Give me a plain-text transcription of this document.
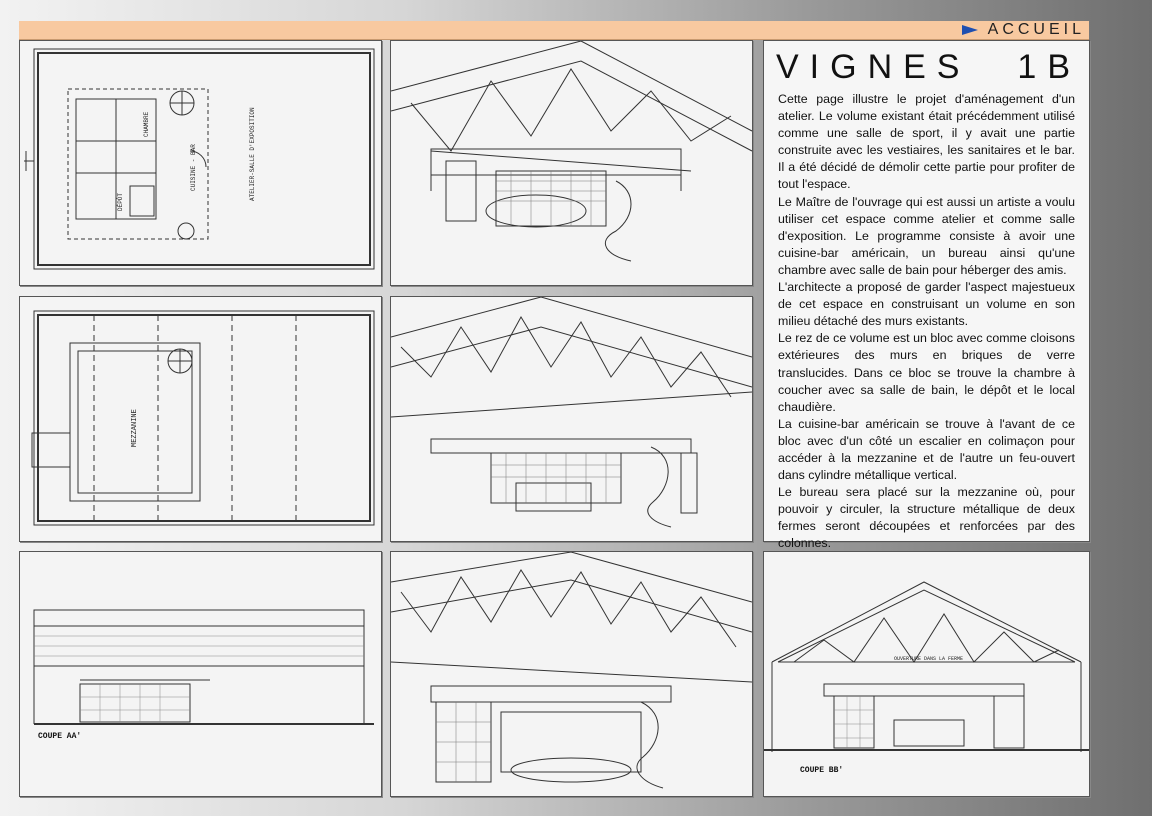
ACCUEIL
ATELIER-SALLE D'EXPOSITION
CUISINE - BAR
CHAMBRE
DÉPÔT
VIGNES 1B

Cette page illustre le projet d'aménagement d'un atelier. Le volume existant était précédemment utilisé comme une salle de sport, il y avait une partie construite avec les vestiaires, les sanitaires et le bar. Il a été décidé de démolir cette partie pour profiter de tout l'espace.

Le Maître de l'ouvrage qui est aussi un artiste a voulu utiliser cet espace comme atelier et comme salle d'exposition. Le programme consiste à avoir une cuisine-bar américain, un bureau ainsi qu'une chambre avec salle de bain pour héberger des amis.

L'architecte a proposé de garder l'aspect majestueux de cet espace en construisant un volume en son milieu détaché des murs existants.

Le rez de ce volume est un bloc avec comme cloisons extérieures des murs en briques de verre translucides. Dans ce bloc se trouve la chambre à coucher avec sa salle de bain, le dépôt et le local chaudière.

La cuisine-bar américain se trouve à l'avant de ce bloc avec d'un côté un escalier en colimaçon pour accéder à la mezzanine et de l'autre un feu-ouvert dans cylindre métallique vertical.

Le bureau sera placé sur la mezzanine où, pour pouvoir y circuler, la structure métallique de deux fermes seront découpées et renforcées par des colonnes.

MEZZANINE
COUPE AA'
OUVERTURE DANS LA FERME
COUPE BB'
